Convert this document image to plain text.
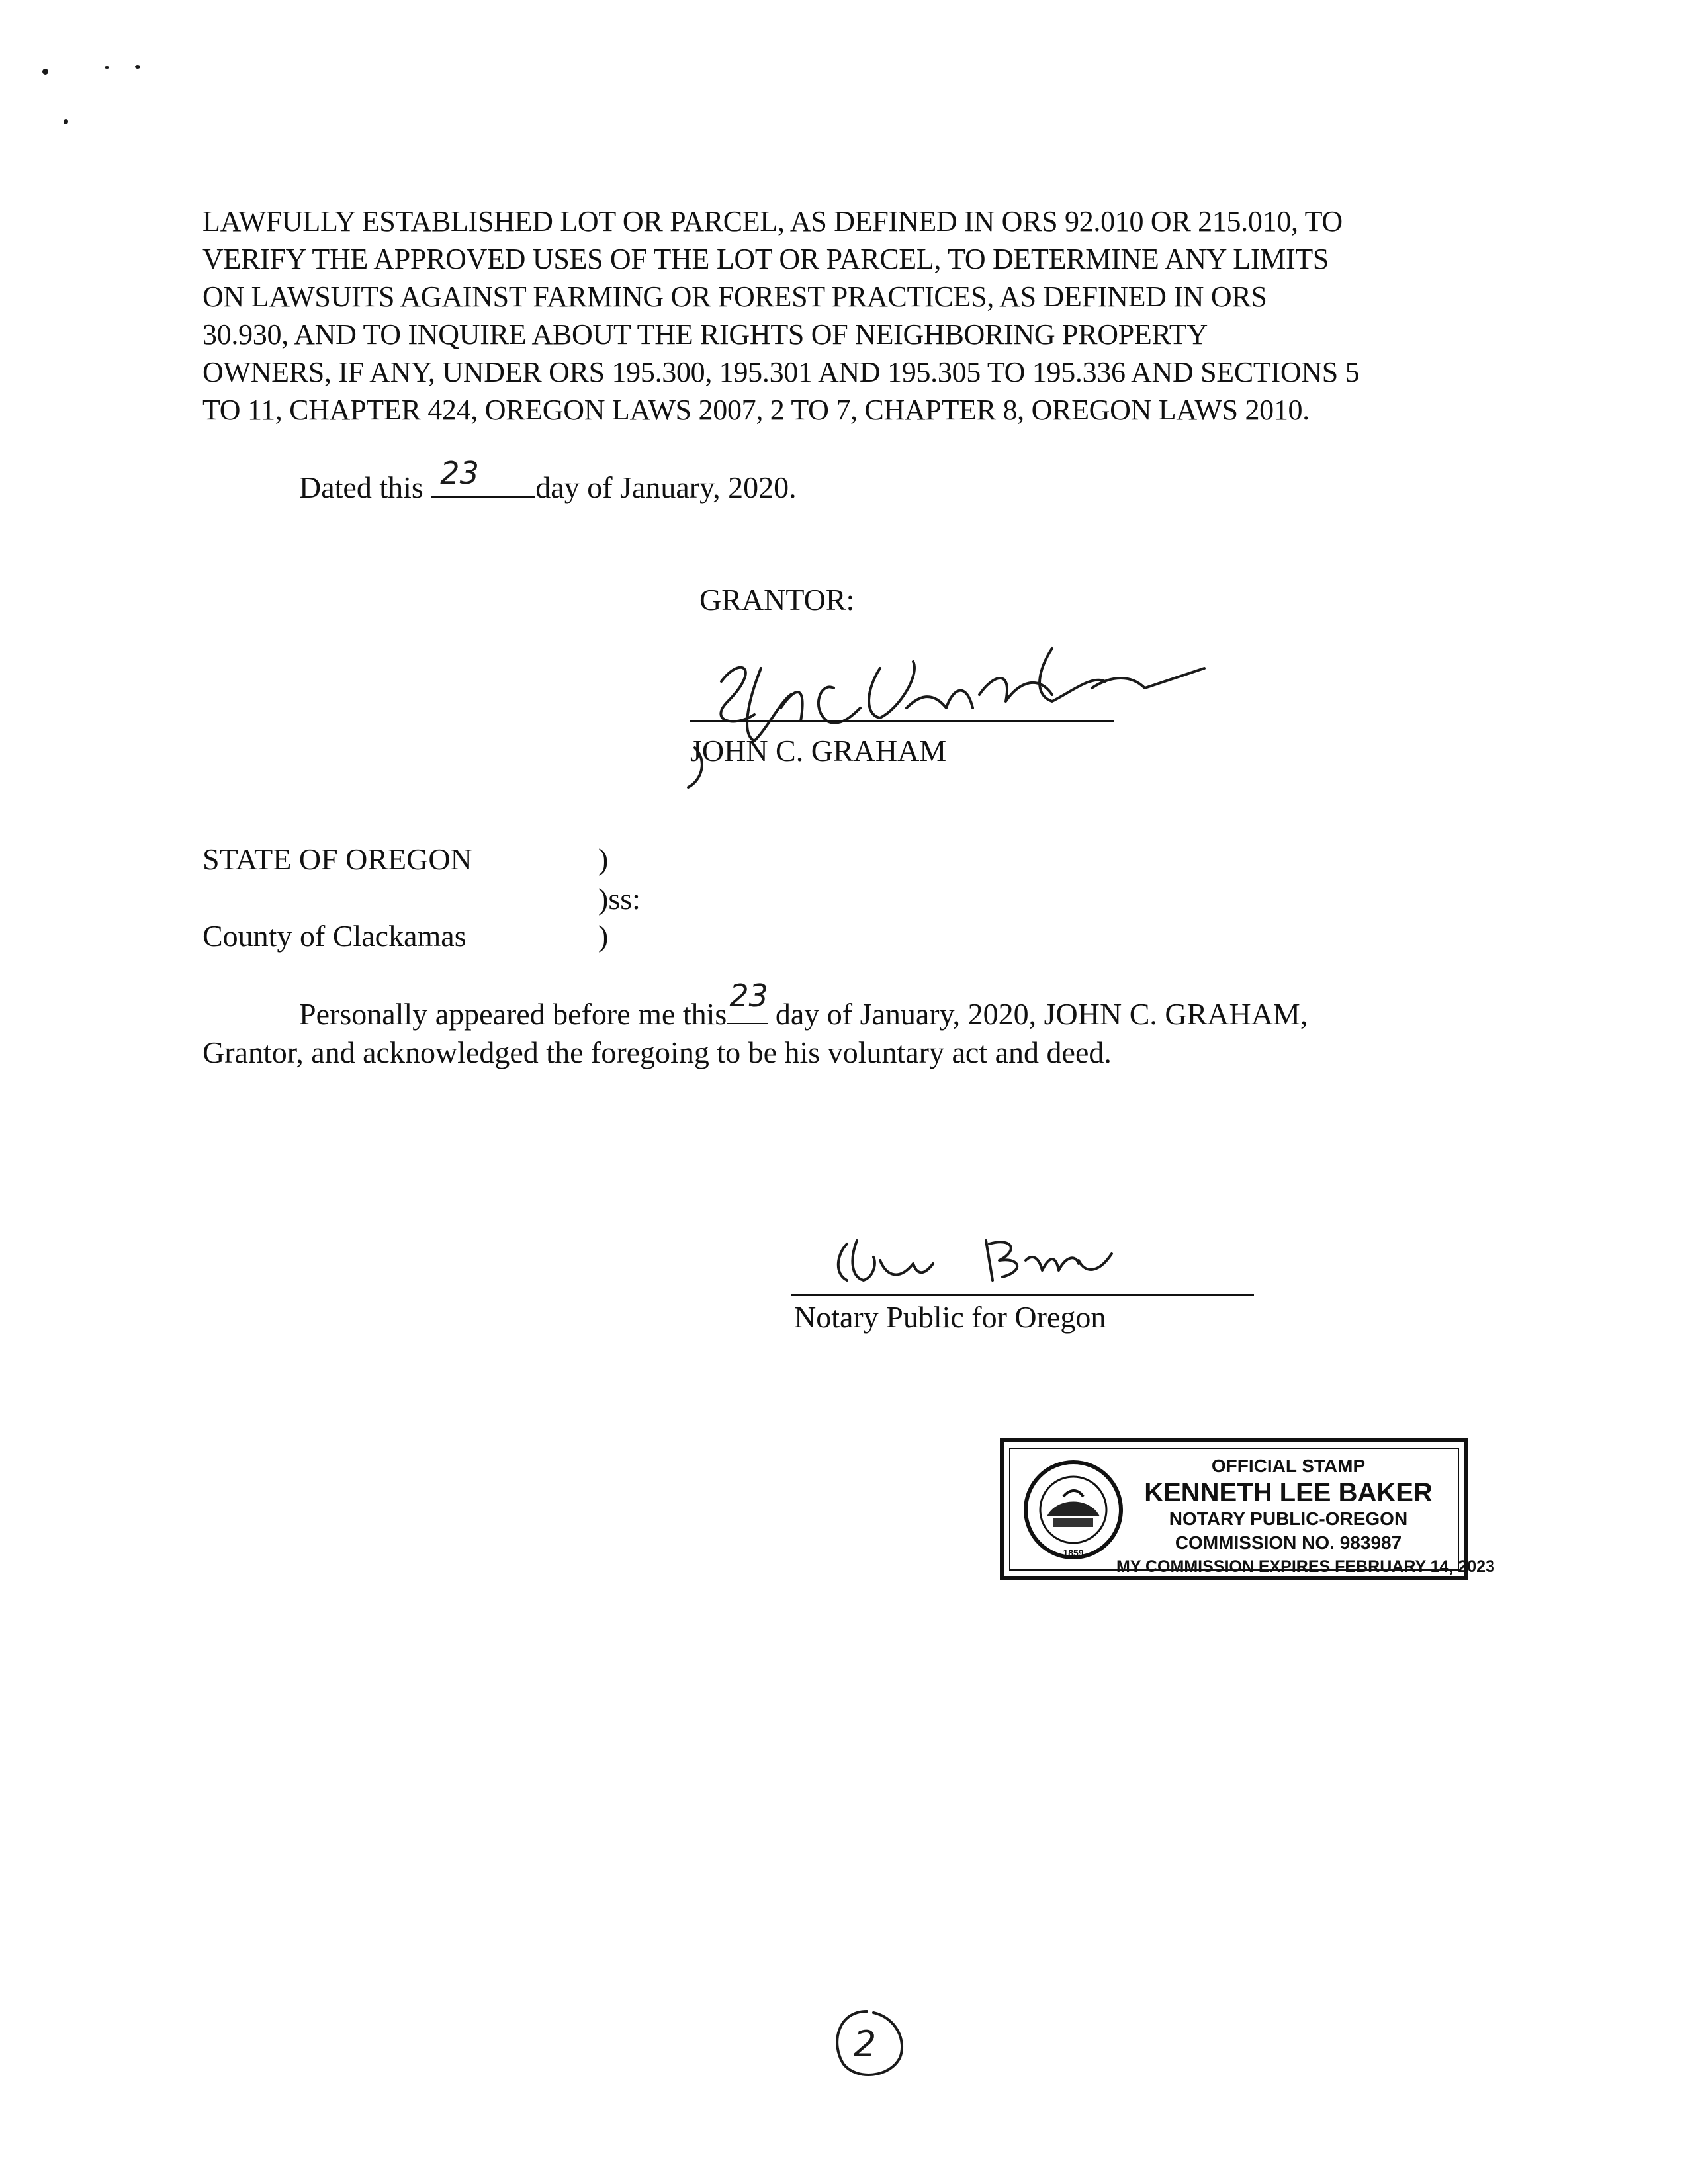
LAWFULLY ESTABLISHED LOT OR PARCEL, AS DEFINED IN ORS 92.010 OR 215.010, TO
VERIFY THE APPROVED USES OF THE LOT OR PARCEL, TO DETERMINE ANY LIMITS
ON LAWSUITS AGAINST FARMING OR FOREST PRACTICES, AS DEFINED IN ORS
30.930, AND TO INQUIRE ABOUT THE RIGHTS OF NEIGHBORING PROPERTY
OWNERS, IF ANY, UNDER ORS 195.300, 195.301 AND 195.305 TO 195.336 AND SECTIONS 5
TO 11, CHAPTER 424, OREGON LAWS 2007, 2 TO 7, CHAPTER 8, OREGON LAWS 2010.
Dated this 23 day of January, 2020.
GRANTOR:
JOHN C. GRAHAM
STATE OF OREGON	)
)ss:
County of Clackamas	)
Personally appeared before me this
23
day of January, 2020, JOHN C. GRAHAM,
Grantor, and acknowledged the foregoing to be his voluntary act and deed.
Notary Public for Oregon
1859
OFFICIAL STAMP
KENNETH LEE BAKER
NOTARY PUBLIC-OREGON
COMMISSION NO. 983987
MY COMMISSION EXPIRES FEBRUARY 14, 2023
2
